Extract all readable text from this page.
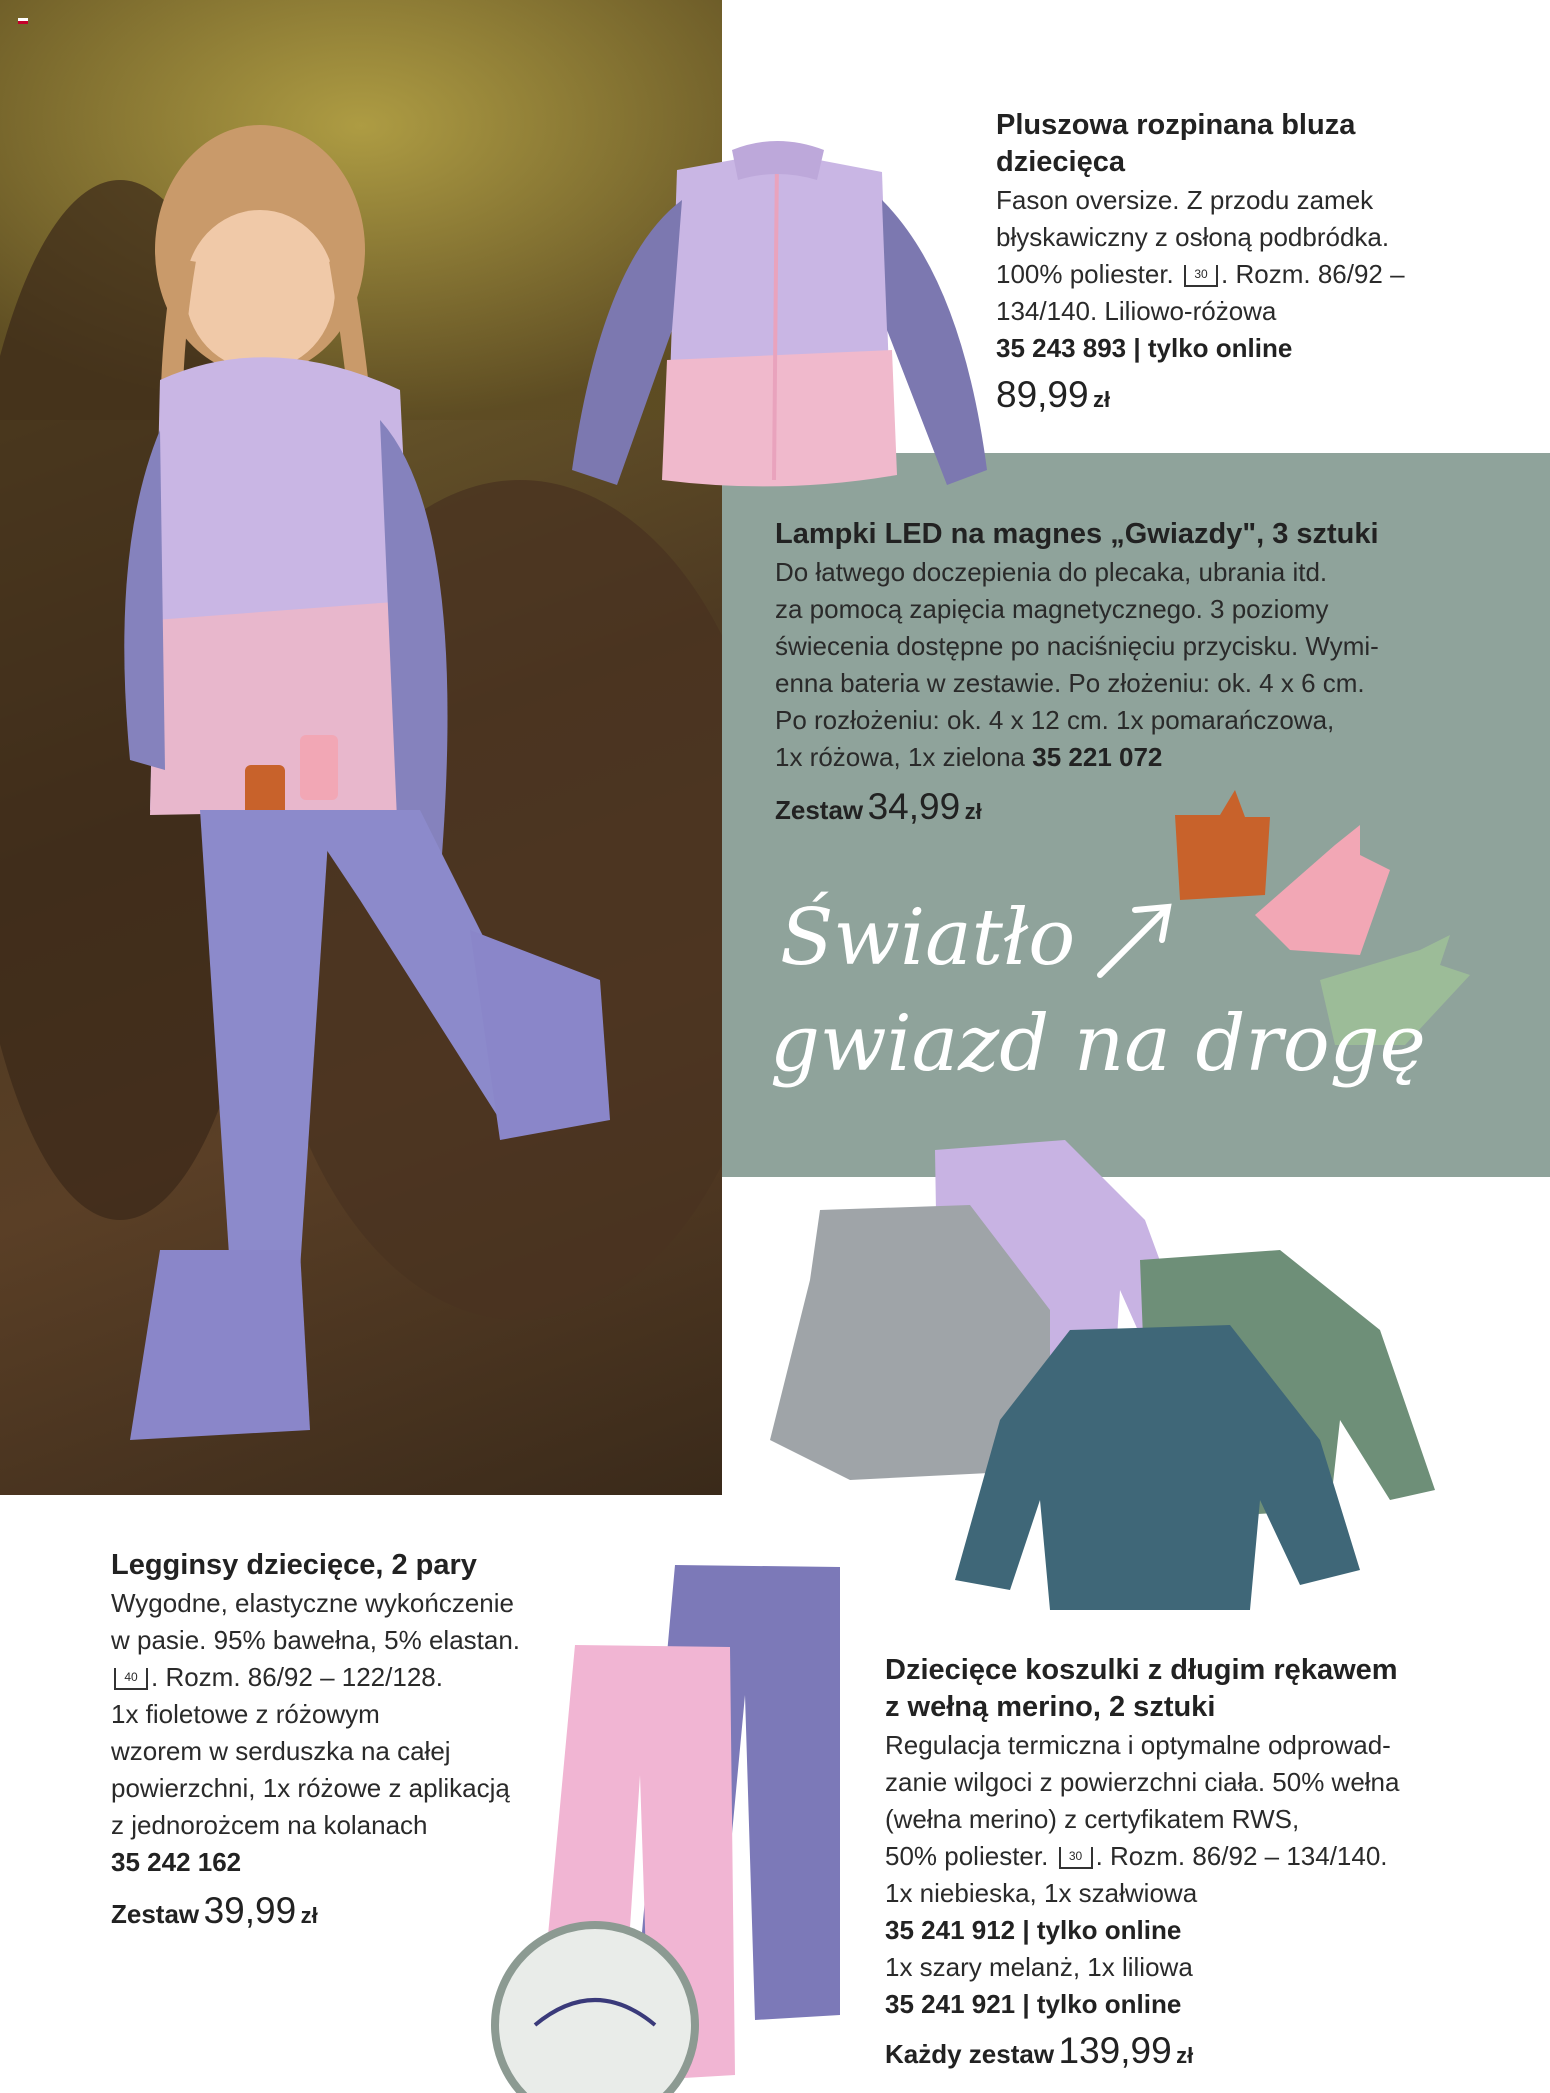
Pluszowa rozpinana bluza dziecięca
Fason oversize. Z przodu zamek
błyskawiczny z osłoną podbródka.
100% poliester. 30 . Rozm. 86/92 –
134/140. Liliowo-różowa
35 243 893 | tylko online
89,99 zł
Lampki LED na magnes „Gwiazdy", 3 sztuki
Do łatwego doczepienia do plecaka, ubrania itd.
za pomocą zapięcia magnetycznego. 3 poziomy
świecenia dostępne po naciśnięciu przycisku. Wymi-
enna bateria w zestawie. Po złożeniu: ok. 4 x 6 cm.
Po rozłożeniu: ok. 4 x 12 cm. 1x pomarańczowa,
1x różowa, 1x zielona 35 221 072
Zestaw 34,99 zł
Światło
gwiazd na drogę
Dziecięce koszulki z długim rękawem
z wełną merino, 2 sztuki
Regulacja termiczna i optymalne odprowad-
zanie wilgoci z powierzchni ciała. 50% wełna
(wełna merino) z certyfikatem RWS,
50% poliester. 30 . Rozm. 86/92 – 134/140.
1x niebieska, 1x szałwiowa
35 241 912 | tylko online
1x szary melanż, 1x liliowa
35 241 921 | tylko online
Każdy zestaw 139,99 zł
Legginsy dziecięce, 2 pary
Wygodne, elastyczne wykończenie
w pasie. 95% bawełna, 5% elastan.
40 . Rozm. 86/92 – 122/128.
1x fioletowe z różowym
wzorem w serduszka na całej
powierzchni, 1x różowe z aplikacją
z jednorożcem na kolanach
35 242 162
Zestaw 39,99 zł
